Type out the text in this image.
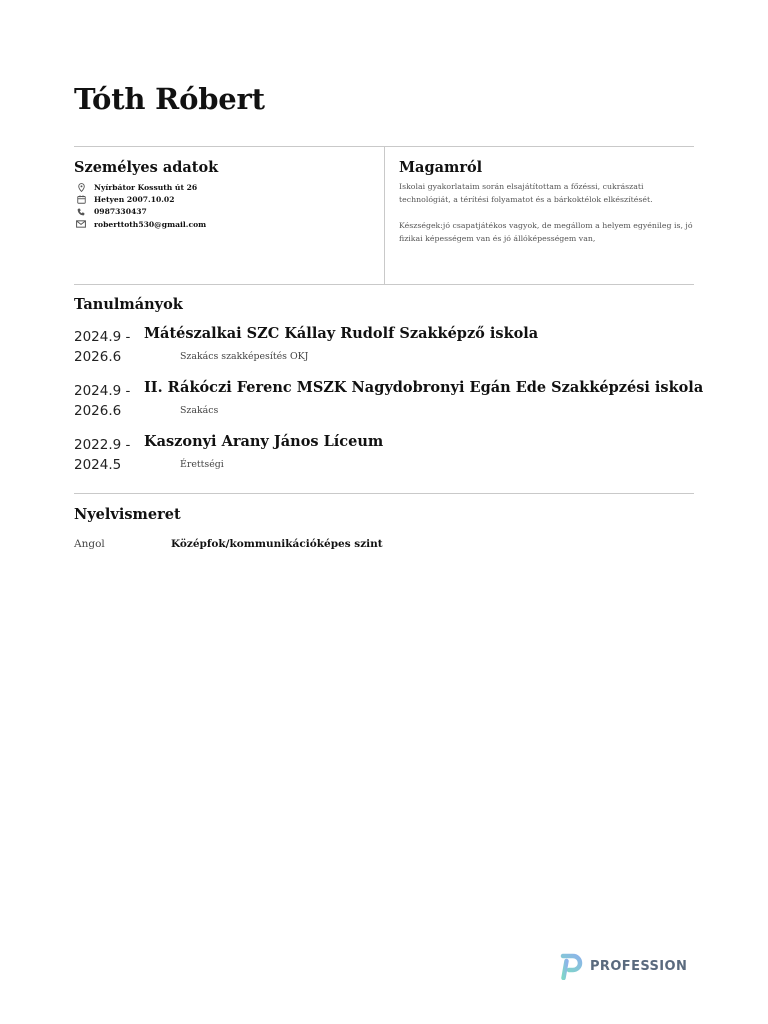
Tóth Róbert
Személyes adatok
Nyírbátor Kossuth út 26
Hetyen 2007.10.02
0987330437
roberttoth530@gmail.com
Magamról

Iskolai gyakorlataim során elsajátítottam a főzéssi, cukrászati technológiát, a térítési folyamatot és a bárkoktélok elkészítését.

Készségek:jó csapatjátékos vagyok, de megállom a helyem egyénileg is, jó fizikai képességem van és jó állóképességem van,

Tanulmányok
2024.9 -
2026.6
Mátészalkai SZC Kállay Rudolf Szakképző iskola
Szakács szakképesítés OKJ
2024.9 -
2026.6
II. Rákóczi Ferenc MSZK Nagydobronyi Egán Ede Szakképzési iskola
Szakács
2022.9 -
2024.5
Kaszonyi Arany János Líceum
Érettségi
Nyelvismeret
Angol	Középfok/kommunikációképes szint
PROFESSION
